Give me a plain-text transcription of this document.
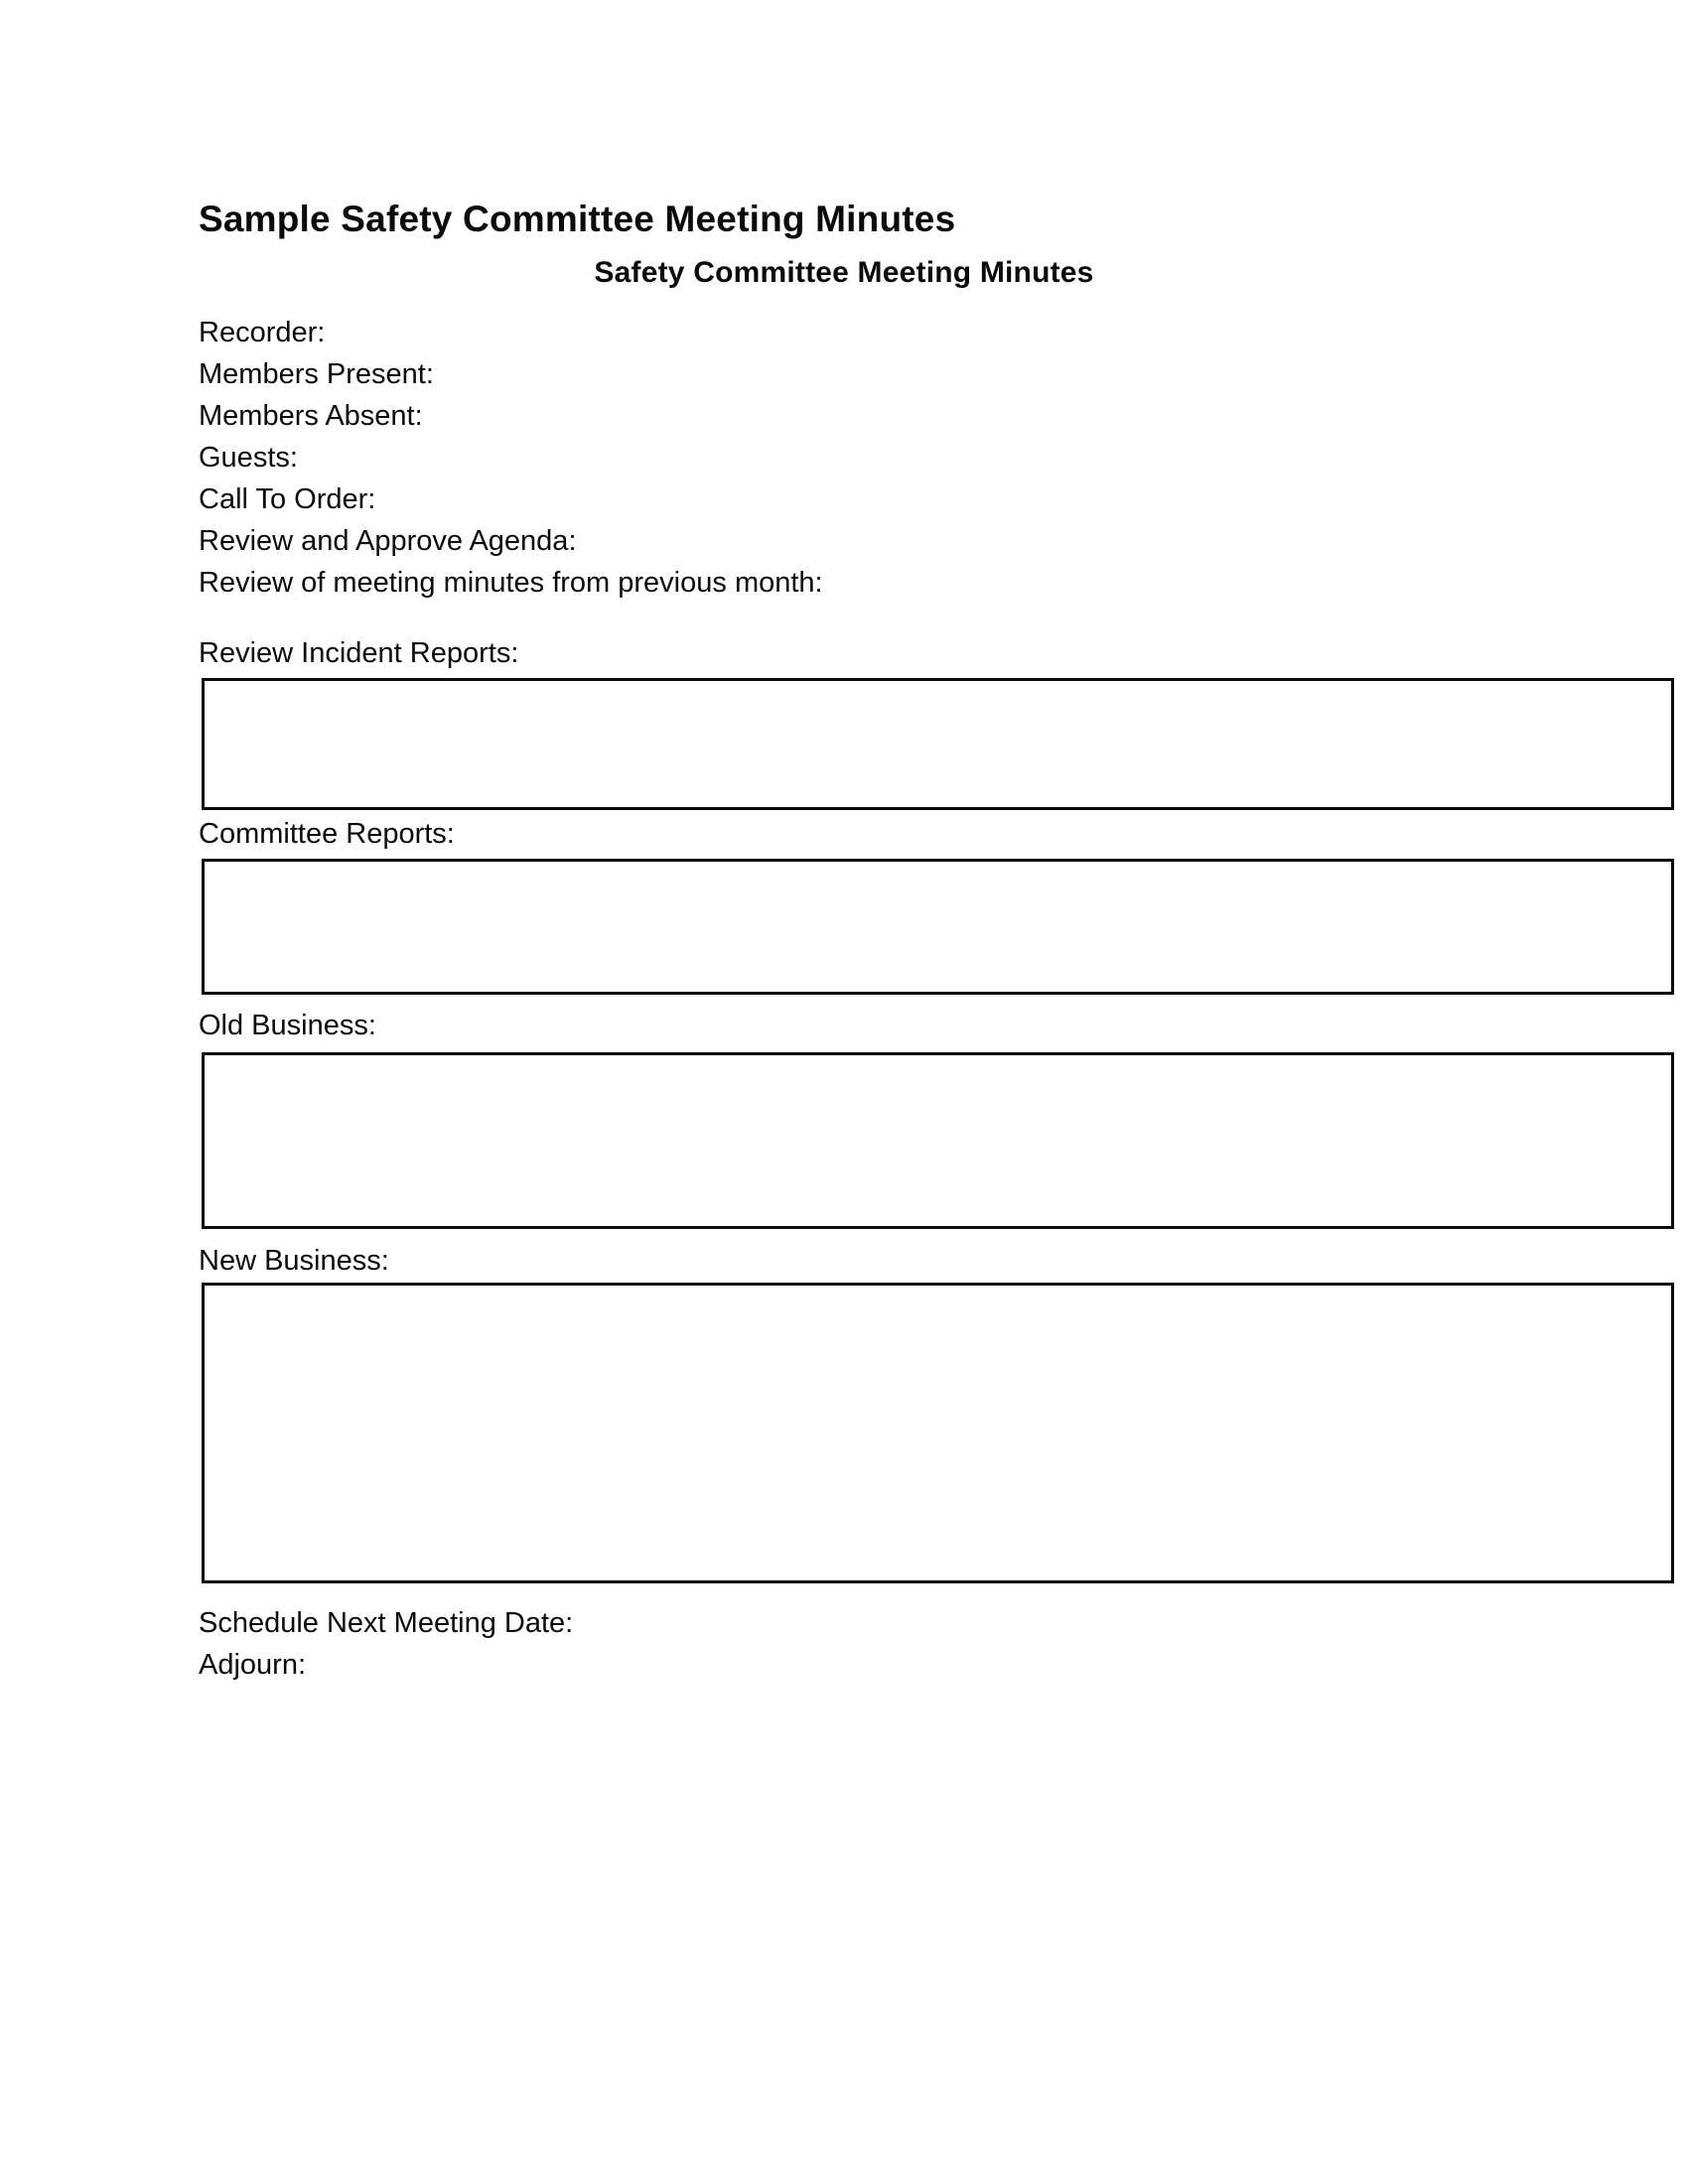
Sample Safety Committee Meeting Minutes
Safety Committee Meeting Minutes
Recorder:
Members Present:
Members Absent:
Guests:
Call To Order:
Review and Approve Agenda:
Review of meeting minutes from previous month:
Review Incident Reports:
Committee Reports:
Old Business:
New Business:
Schedule Next Meeting Date:
Adjourn:
